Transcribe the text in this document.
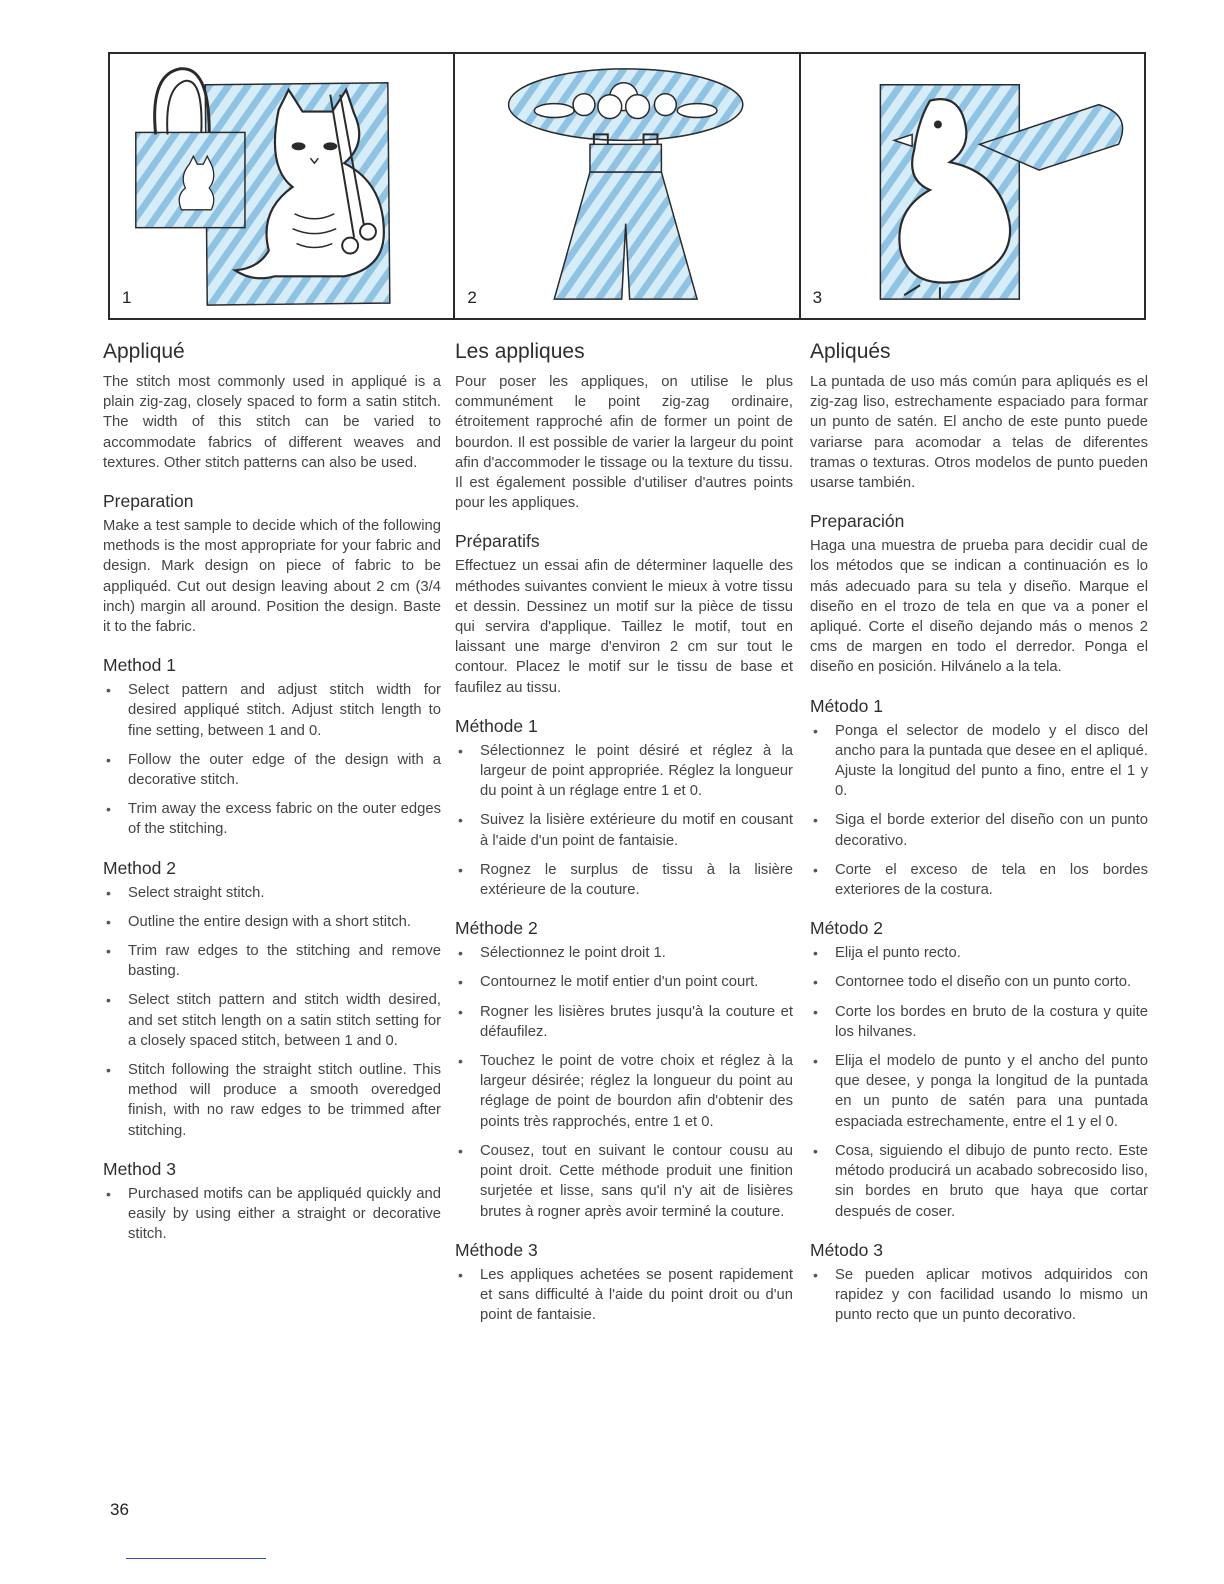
1	2	3
Appliqué

The stitch most commonly used in appliqué is a plain zig-zag, closely spaced to form a satin stitch. The width of this stitch can be varied to accommodate fabrics of different weaves and textures. Other stitch patterns can also be used.

Preparation

Make a test sample to decide which of the following methods is the most appropriate for your fabric and design. Mark design on piece of fabric to be appliquéd. Cut out design leaving about 2 cm (3/4 inch) margin all around. Position the design. Baste it to the fabric.

Method 1
• Select pattern and adjust stitch width for desired appliqué stitch. Adjust stitch length to fine setting, between 1 and 0.
• Follow the outer edge of the design with a decorative stitch.
• Trim away the excess fabric on the outer edges of the stitching.
Method 2
• Select straight stitch.
• Outline the entire design with a short stitch.
• Trim raw edges to the stitching and remove basting.
• Select stitch pattern and stitch width desired, and set stitch length on a satin stitch setting for a closely spaced stitch, between 1 and 0.
• Stitch following the straight stitch outline. This method will produce a smooth overedged finish, with no raw edges to be trimmed after stitching.
Method 3
• Purchased motifs can be appliquéd quickly and easily by using either a straight or decorative stitch.
Les appliques

Pour poser les appliques, on utilise le plus communément le point zig-zag ordinaire, étroitement rapproché afin de former un point de bourdon. Il est possible de varier la largeur du point afin d'accommoder le tissage ou la texture du tissu. Il est également possible d'utiliser d'autres points pour les appliques.

Préparatifs

Effectuez un essai afin de déterminer laquelle des méthodes suivantes convient le mieux à votre tissu et dessin. Dessinez un motif sur la pièce de tissu qui servira d'applique. Taillez le motif, tout en laissant une marge d'environ 2 cm sur tout le contour. Placez le motif sur le tissu de base et faufilez au tissu.

Méthode 1
• Sélectionnez le point désiré et réglez à la largeur de point appropriée. Réglez la longueur du point à un réglage entre 1 et 0.
• Suivez la lisière extérieure du motif en cousant à l'aide d'un point de fantaisie.
• Rognez le surplus de tissu à la lisière extérieure de la couture.
Méthode 2
• Sélectionnez le point droit 1.
• Contournez le motif entier d'un point court.
• Rogner les lisières brutes jusqu'à la couture et défaufilez.
• Touchez le point de votre choix et réglez à la largeur désirée; réglez la longueur du point au réglage de point de bourdon afin d'obtenir des points très rapprochés, entre 1 et 0.
• Cousez, tout en suivant le contour cousu au point droit. Cette méthode produit une finition surjetée et lisse, sans qu'il n'y ait de lisières brutes à rogner après avoir terminé la couture.
Méthode 3
• Les appliques achetées se posent rapidement et sans difficulté à l'aide du point droit ou d'un point de fantaisie.
Apliqués

La puntada de uso más común para apliqués es el zig-zag liso, estrechamente espaciado para formar un punto de satén. El ancho de este punto puede variarse para acomodar a telas de diferentes tramas o texturas. Otros modelos de punto pueden usarse también.

Preparación

Haga una muestra de prueba para decidir cual de los métodos que se indican a continuación es lo más adecuado para su tela y diseño. Marque el diseño en el trozo de tela en que va a poner el apliqué. Corte el diseño dejando más o menos 2 cms de margen en todo el derredor. Ponga el diseño en posición. Hilvánelo a la tela.

Método 1
• Ponga el selector de modelo y el disco del ancho para la puntada que desee en el apliqué. Ajuste la longitud del punto a fino, entre el 1 y 0.
• Siga el borde exterior del diseño con un punto decorativo.
• Corte el exceso de tela en los bordes exteriores de la costura.
Método 2
• Elija el punto recto.
• Contornee todo el diseño con un punto corto.
• Corte los bordes en bruto de la costura y quite los hilvanes.
• Elija el modelo de punto y el ancho del punto que desee, y ponga la longitud de la puntada en un punto de satén para una puntada espaciada estrechamente, entre el 1 y el 0.
• Cosa, siguiendo el dibujo de punto recto. Este método producirá un acabado sobrecosido liso, sin bordes en bruto que haya que cortar después de coser.
Método 3
• Se pueden aplicar motivos adquiridos con rapidez y con facilidad usando lo mismo un punto recto que un punto decorativo.
36
